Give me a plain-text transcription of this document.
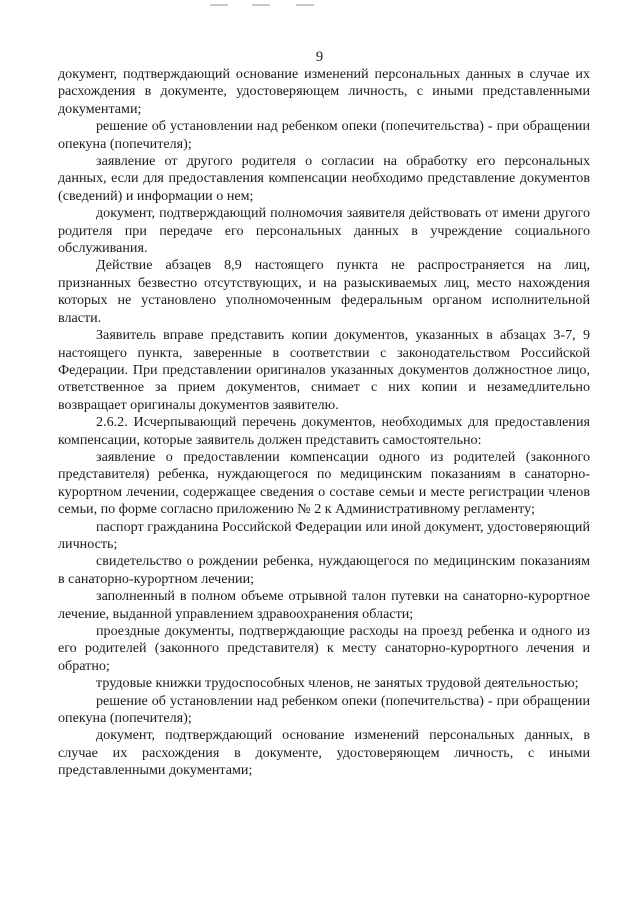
9

документ, подтверждающий основание изменений персональных данных в случае их расхождения в документе, удостоверяющем личность, с иными представленными документами;

решение об установлении над ребенком опеки (попечительства) - при обращении опекуна (попечителя);

заявление от другого родителя о согласии на обработку его персональных данных, если для предоставления компенсации необходимо представление документов (сведений) и информации о нем;

документ, подтверждающий полномочия заявителя действовать от имени другого родителя при передаче его персональных данных в учреждение социального обслуживания.

Действие абзацев 8,9 настоящего пункта не распространяется на лиц, признанных безвестно отсутствующих, и на разыскиваемых лиц, место нахождения которых не установлено уполномоченным федеральным органом исполнительной власти.

Заявитель вправе представить копии документов, указанных в абзацах 3-7, 9 настоящего пункта, заверенные в соответствии с законодательством Российской Федерации. При представлении оригиналов указанных документов должностное лицо, ответственное за прием документов, снимает с них копии и незамедлительно возвращает оригиналы документов заявителю.

2.6.2. Исчерпывающий перечень документов, необходимых для предоставления компенсации, которые заявитель должен представить самостоятельно:

заявление о предоставлении компенсации одного из родителей (законного представителя) ребенка, нуждающегося по медицинским показаниям в санаторно-курортном лечении, содержащее сведения о составе семьи и месте регистрации членов семьи, по форме согласно приложению № 2 к Административному регламенту;

паспорт гражданина Российской Федерации или иной документ, удостоверяющий личность;

свидетельство о рождении ребенка, нуждающегося по медицинским показаниям в санаторно-курортном лечении;

заполненный в полном объеме отрывной талон путевки на санаторно-курортное лечение, выданной управлением здравоохранения области;

проездные документы, подтверждающие расходы на проезд ребенка и одного из его родителей (законного представителя) к месту санаторно-курортного лечения и обратно;

трудовые книжки трудоспособных членов, не занятых трудовой деятельностью;

решение об установлении над ребенком опеки (попечительства) - при обращении опекуна (попечителя);

документ, подтверждающий основание изменений персональных данных, в случае их расхождения в документе, удостоверяющем личность, с иными представленными документами;
